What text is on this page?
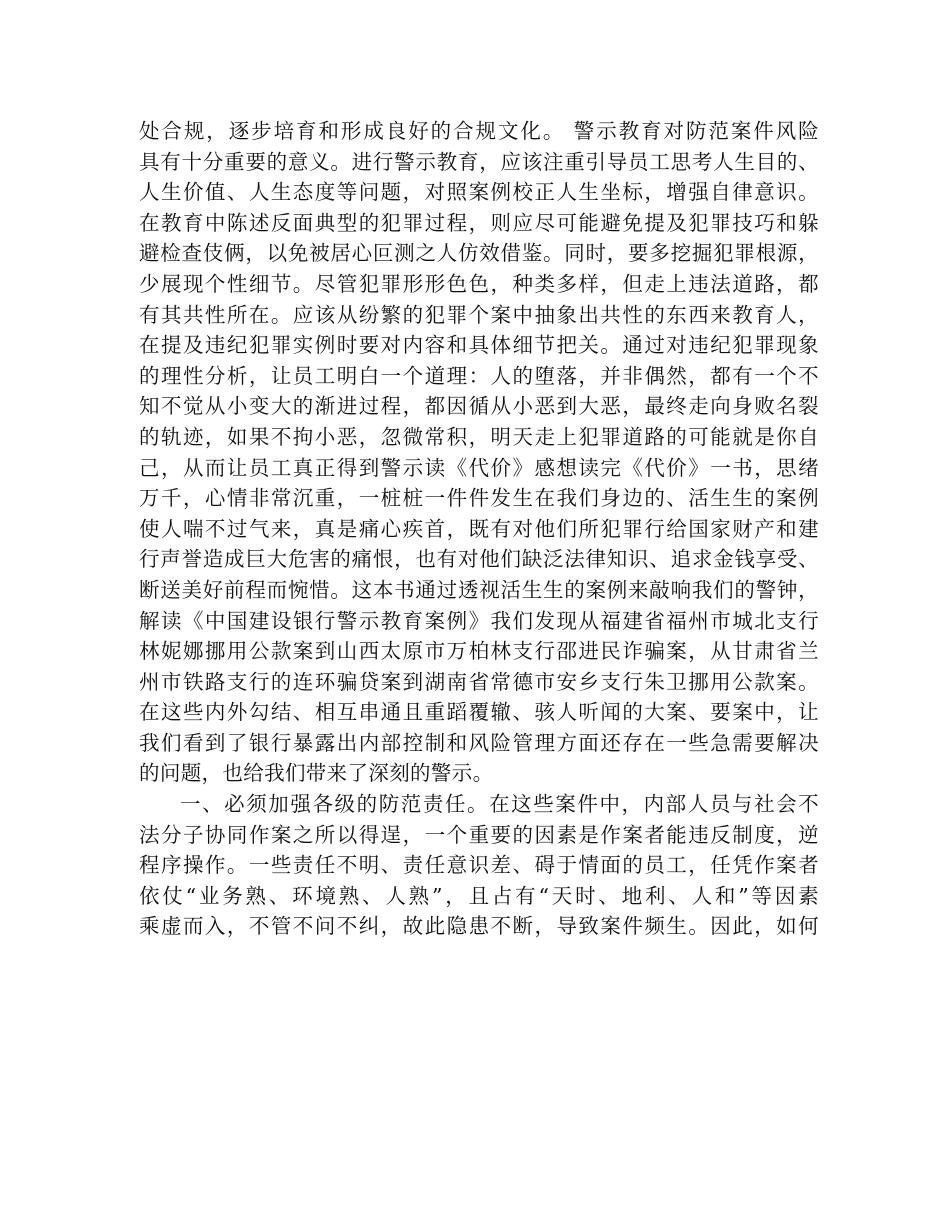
处合规，逐步培育和形成良好的合规文化。 警示教育对防范案件风险
具有十分重要的意义。进行警示教育，应该注重引导员工思考人生目的、
人生价值、人生态度等问题，对照案例校正人生坐标，增强自律意识。
在教育中陈述反面典型的犯罪过程，则应尽可能避免提及犯罪技巧和躲
避检查伎俩，以免被居心叵测之人仿效借鉴。同时，要多挖掘犯罪根源，
少展现个性细节。尽管犯罪形形色色，种类多样，但走上违法道路，都
有其共性所在。应该从纷繁的犯罪个案中抽象出共性的东西来教育人，
在提及违纪犯罪实例时要对内容和具体细节把关。通过对违纪犯罪现象
的理性分析，让员工明白一个道理：人的堕落，并非偶然，都有一个不
知不觉从小变大的渐进过程，都因循从小恶到大恶，最终走向身败名裂
的轨迹，如果不拘小恶，忽微常积，明天走上犯罪道路的可能就是你自
己，从而让员工真正得到警示读《代价》感想读完《代价》一书，思绪
万千，心情非常沉重，一桩桩一件件发生在我们身边的、活生生的案例
使人喘不过气来，真是痛心疾首，既有对他们所犯罪行给国家财产和建
行声誉造成巨大危害的痛恨，也有对他们缺泛法律知识、追求金钱享受、
断送美好前程而惋惜。这本书通过透视活生生的案例来敲响我们的警钟，
解读《中国建设银行警示教育案例》我们发现从福建省福州市城北支行
林妮娜挪用公款案到山西太原市万柏林支行邵进民诈骗案，从甘肃省兰
州市铁路支行的连环骗贷案到湖南省常德市安乡支行朱卫挪用公款案。
在这些内外勾结、相互串通且重蹈覆辙、骇人听闻的大案、要案中，让
我们看到了银行暴露出内部控制和风险管理方面还存在一些急需要解决
的问题，也给我们带来了深刻的警示。
一、必须加强各级的防范责任。在这些案件中，内部人员与社会不
法分子协同作案之所以得逞，一个重要的因素是作案者能违反制度，逆
程序操作。一些责任不明、责任意识差、碍于情面的员工，任凭作案者
依仗“业务熟、环境熟、人熟”，且占有“天时、地利、人和”等因素
乘虚而入，不管不问不纠，故此隐患不断，导致案件频生。因此，如何
